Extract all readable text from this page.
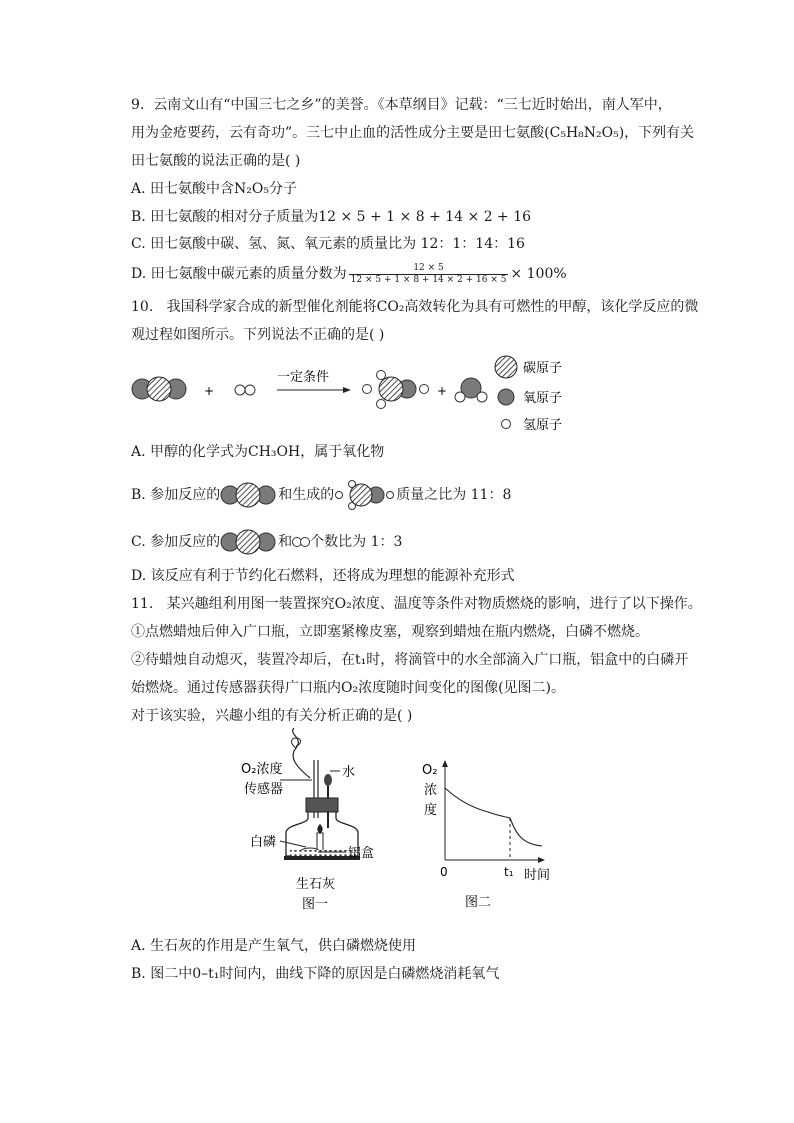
9. 云南文山有“中国三七之乡”的美誉。《本草纲目》记载：“三七近时始出，南人军中，
用为金疮要药，云有奇功”。三七中止血的活性成分主要是田七氨酸(C₅H₈N₂O₅)，下列有关
田七氨酸的说法正确的是( )
A. 田七氨酸中含N₂O₅分子
B. 田七氨酸的相对分子质量为12 × 5 + 1 × 8 + 14 × 2 + 16
C. 田七氨酸中碳、氢、氮、氧元素的质量比为 12：1：14：16
D. 田七氨酸中碳元素的质量分数为 $\frac{12 \times 5}{12 \times 5 + 1 \times 8 + 14 \times 2 + 16 \times 5} \times 100\%$
10. 我国科学家合成的新型催化剂能将CO₂高效转化为具有可燃性的甲醇，该化学反应的微
观过程如图所示。下列说法不正确的是( )
+
一定条件
+
碳原子
氧原子
氢原子
A. 甲醇的化学式为CH₃OH，属于氧化物
B. 参加反应的	和生成的	质量之比为 11：8
C. 参加反应的	和 个数比为 1：3
D. 该反应有利于节约化石燃料，还将成为理想的能源补充形式
11. 某兴趣组利用图一装置探究O₂浓度、温度等条件对物质燃烧的影响，进行了以下操作。
①点燃蜡烛后伸入广口瓶，立即塞紧橡皮塞，观察到蜡烛在瓶内燃烧，白磷不燃烧。
②待蜡烛自动熄灭，装置冷却后，在t₁时，将滴管中的水全部滴入广口瓶，铝盒中的白磷开
始燃烧。通过传感器获得广口瓶内O₂浓度随时间变化的图像(见图二)。
对于该实验，兴趣小组的有关分析正确的是( )
O₂浓度
传感器
水
白磷
铝盒
生石灰
图一
O₂
浓
度
0	t₁ 时间
图二
A. 生石灰的作用是产生氧气，供白磷燃烧使用
B. 图二中0–t₁时间内，曲线下降的原因是白磷燃烧消耗氧气
